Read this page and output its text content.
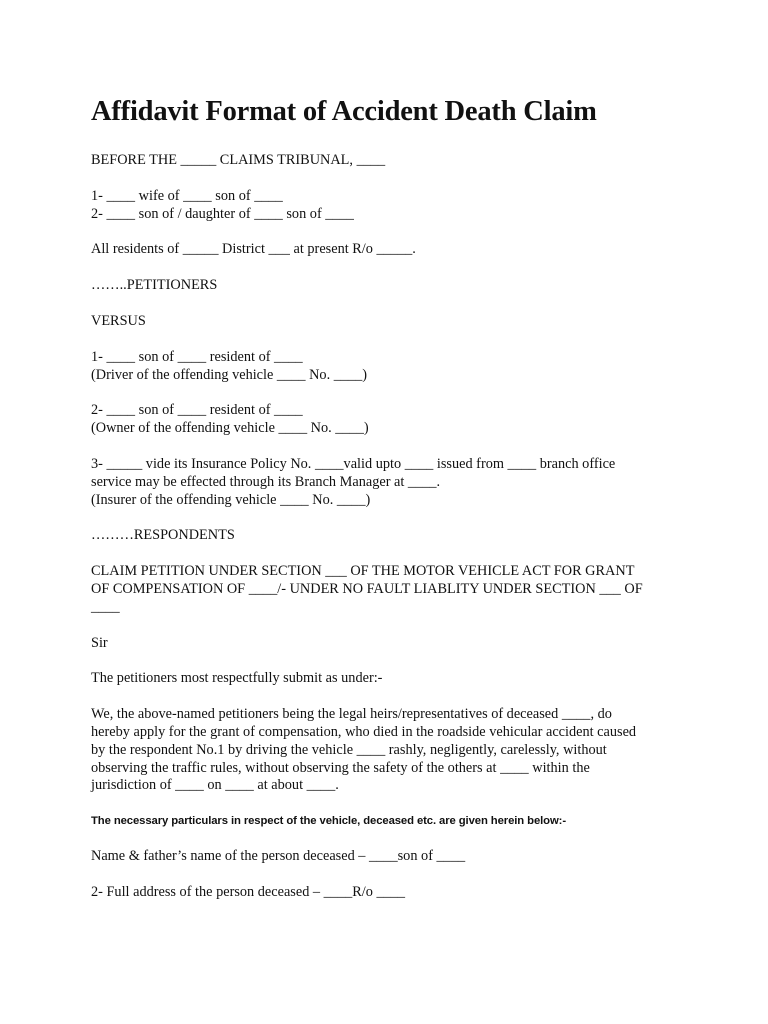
Affidavit Format of Accident Death Claim

BEFORE THE _____ CLAIMS TRIBUNAL, ____

1- ____ wife of ____ son of ____
2- ____ son of / daughter of ____ son of ____

All residents of _____ District ___ at present R/o _____.

……..PETITIONERS

VERSUS

1- ____ son of ____ resident of ____
(Driver of the offending vehicle ____ No. ____)

2- ____ son of ____ resident of ____
(Owner of the offending vehicle ____ No. ____)

3- _____ vide its Insurance Policy No. ____valid upto ____ issued from ____ branch office
service may be effected through its Branch Manager at ____.
(Insurer of the offending vehicle ____ No. ____)

………RESPONDENTS

CLAIM PETITION UNDER SECTION ___ OF THE MOTOR VEHICLE ACT FOR GRANT
OF COMPENSATION OF ____/- UNDER NO FAULT LIABLITY UNDER SECTION ___ OF
____

Sir

The petitioners most respectfully submit as under:-

We, the above-named petitioners being the legal heirs/representatives of deceased ____, do
hereby apply for the grant of compensation, who died in the roadside vehicular accident caused
by the respondent No.1 by driving the vehicle ____ rashly, negligently, carelessly, without
observing the traffic rules, without observing the safety of the others at ____ within the
jurisdiction of ____ on ____ at about ____.

The necessary particulars in respect of the vehicle, deceased etc. are given herein below:-

Name & father’s name of the person deceased – ____son of ____

2- Full address of the person deceased – ____R/o ____
